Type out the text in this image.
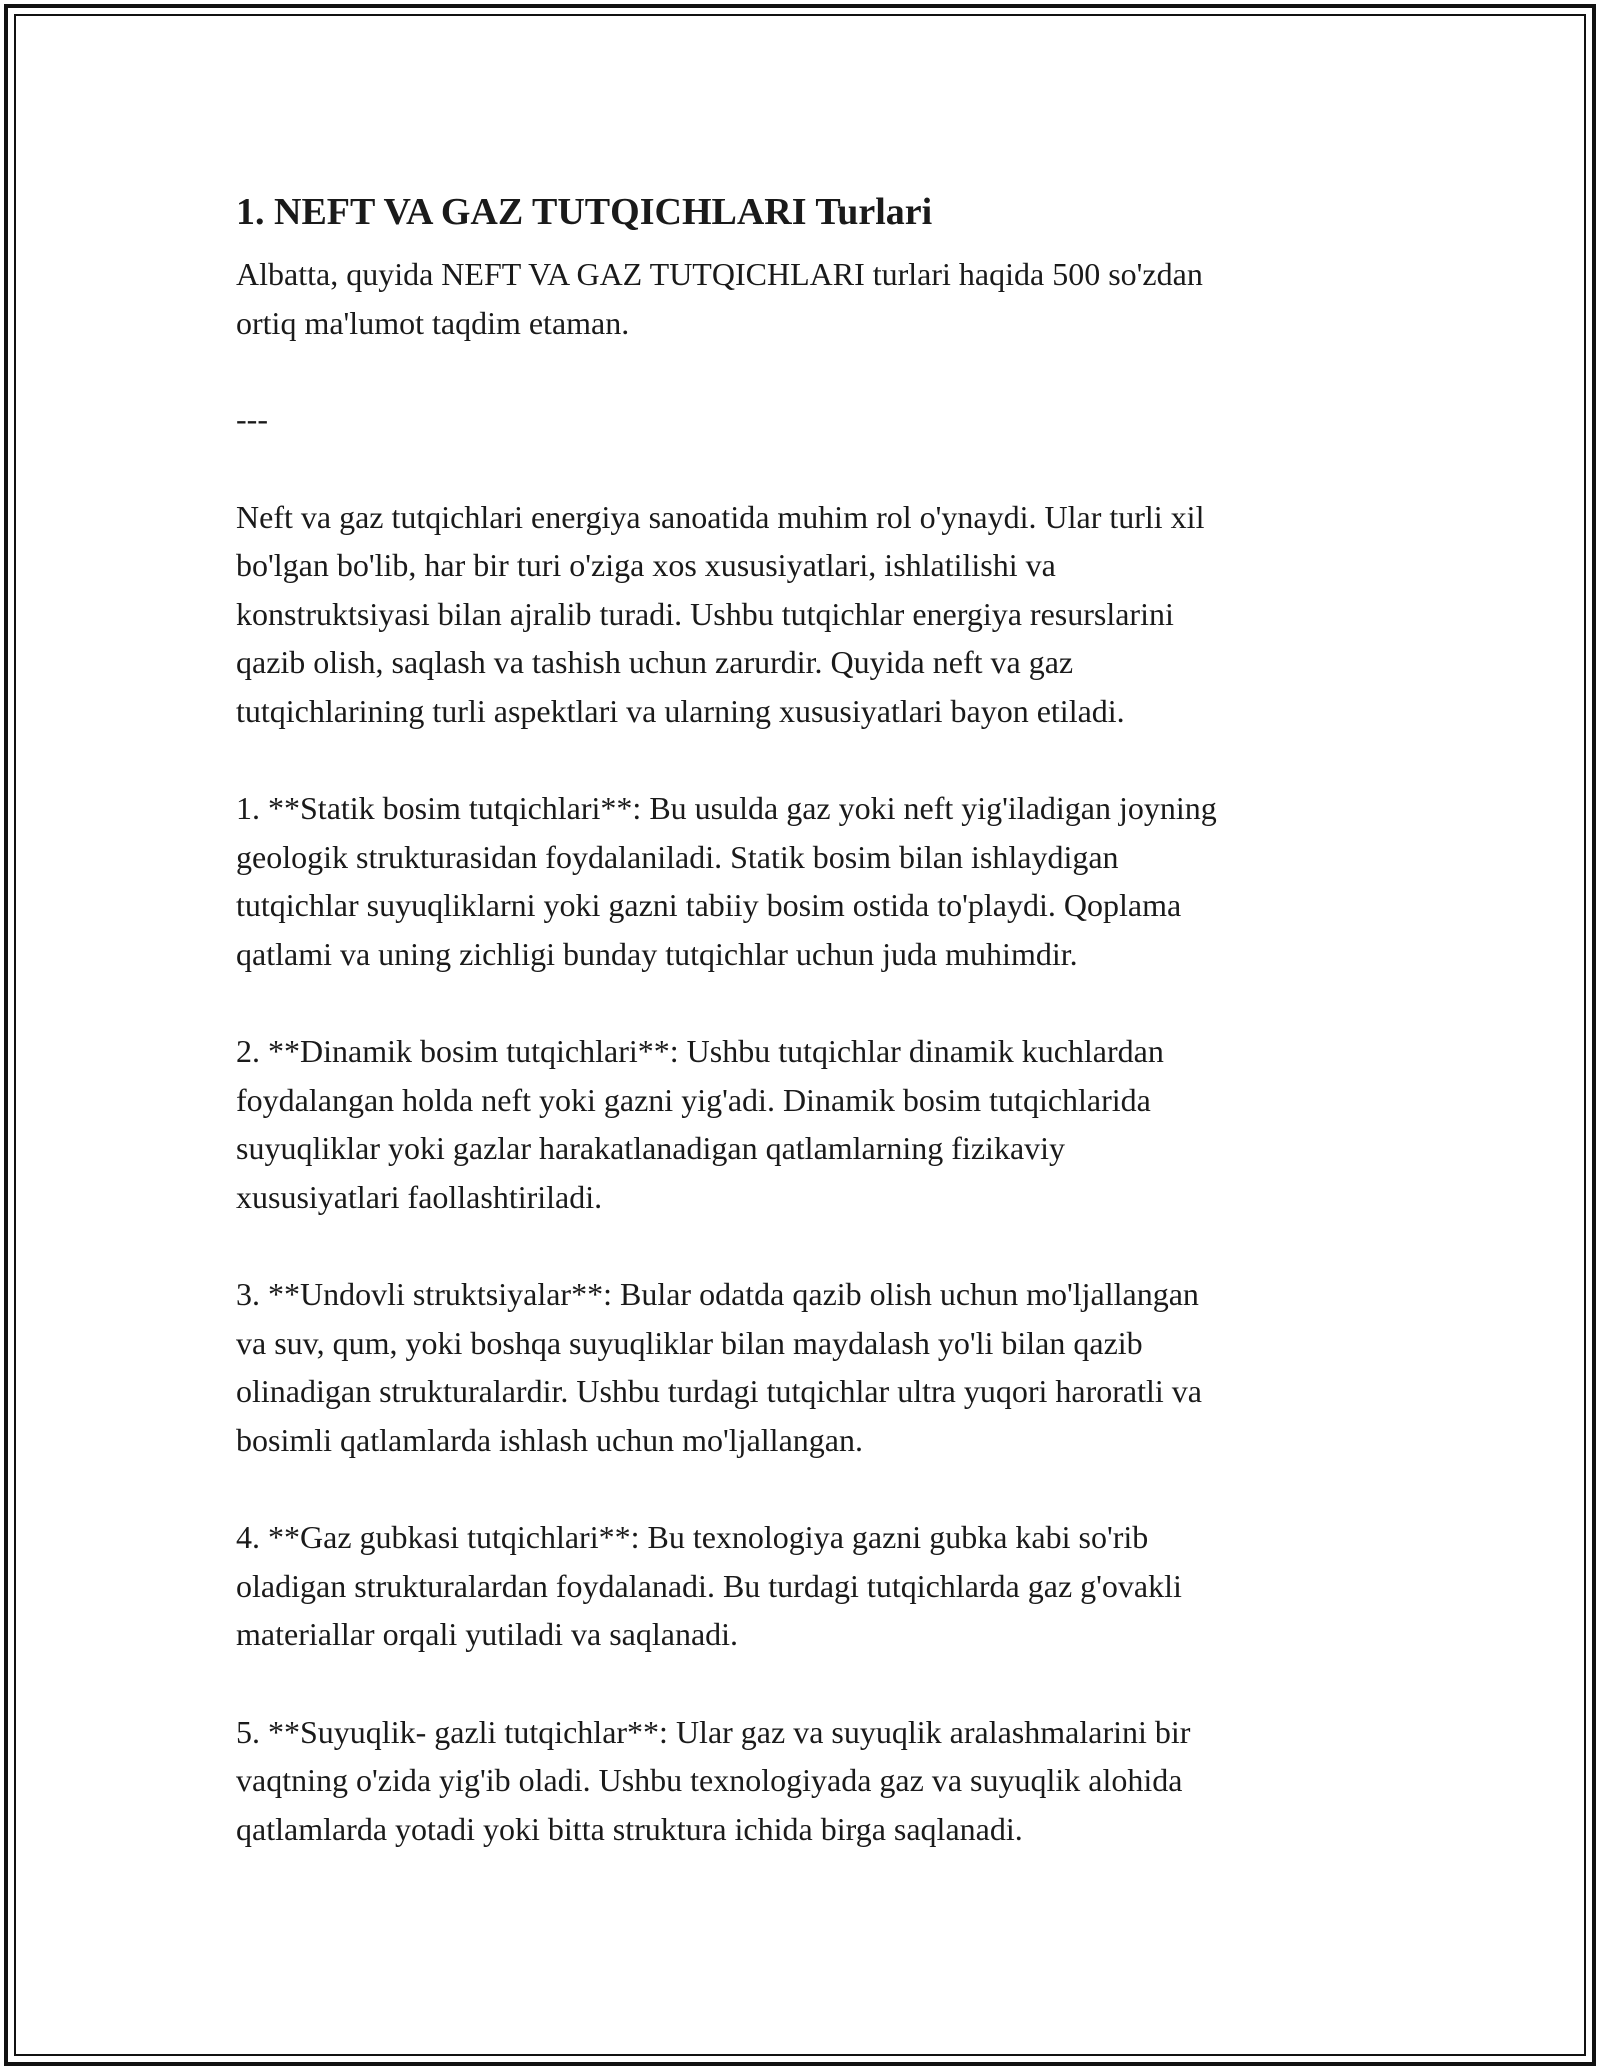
1. NEFT VA GAZ TUTQICHLARI Turlari

Albatta, quyida NEFT VA GAZ TUTQICHLARI turlari haqida 500 so'zdan
ortiq ma'lumot taqdim etaman.

---

Neft va gaz tutqichlari energiya sanoatida muhim rol o'ynaydi. Ular turli xil
bo'lgan bo'lib, har bir turi o'ziga xos xususiyatlari, ishlatilishi va
konstruktsiyasi bilan ajralib turadi. Ushbu tutqichlar energiya resurslarini
qazib olish, saqlash va tashish uchun zarurdir. Quyida neft va gaz
tutqichlarining turli aspektlari va ularning xususiyatlari bayon etiladi.

1. **Statik bosim tutqichlari**: Bu usulda gaz yoki neft yig'iladigan joyning
geologik strukturasidan foydalaniladi. Statik bosim bilan ishlaydigan
tutqichlar suyuqliklarni yoki gazni tabiiy bosim ostida to'playdi. Qoplama
qatlami va uning zichligi bunday tutqichlar uchun juda muhimdir.

2. **Dinamik bosim tutqichlari**: Ushbu tutqichlar dinamik kuchlardan
foydalangan holda neft yoki gazni yig'adi. Dinamik bosim tutqichlarida
suyuqliklar yoki gazlar harakatlanadigan qatlamlarning fizikaviy
xususiyatlari faollashtiriladi.

3. **Undovli struktsiyalar**: Bular odatda qazib olish uchun mo'ljallangan
va suv, qum, yoki boshqa suyuqliklar bilan maydalash yo'li bilan qazib
olinadigan strukturalardir. Ushbu turdagi tutqichlar ultra yuqori haroratli va
bosimli qatlamlarda ishlash uchun mo'ljallangan.

4. **Gaz gubkasi tutqichlari**: Bu texnologiya gazni gubka kabi so'rib
oladigan strukturalardan foydalanadi. Bu turdagi tutqichlarda gaz g'ovakli
materiallar orqali yutiladi va saqlanadi.

5. **Suyuqlik- gazli tutqichlar**: Ular gaz va suyuqlik aralashmalarini bir
vaqtning o'zida yig'ib oladi. Ushbu texnologiyada gaz va suyuqlik alohida
qatlamlarda yotadi yoki bitta struktura ichida birga saqlanadi.
